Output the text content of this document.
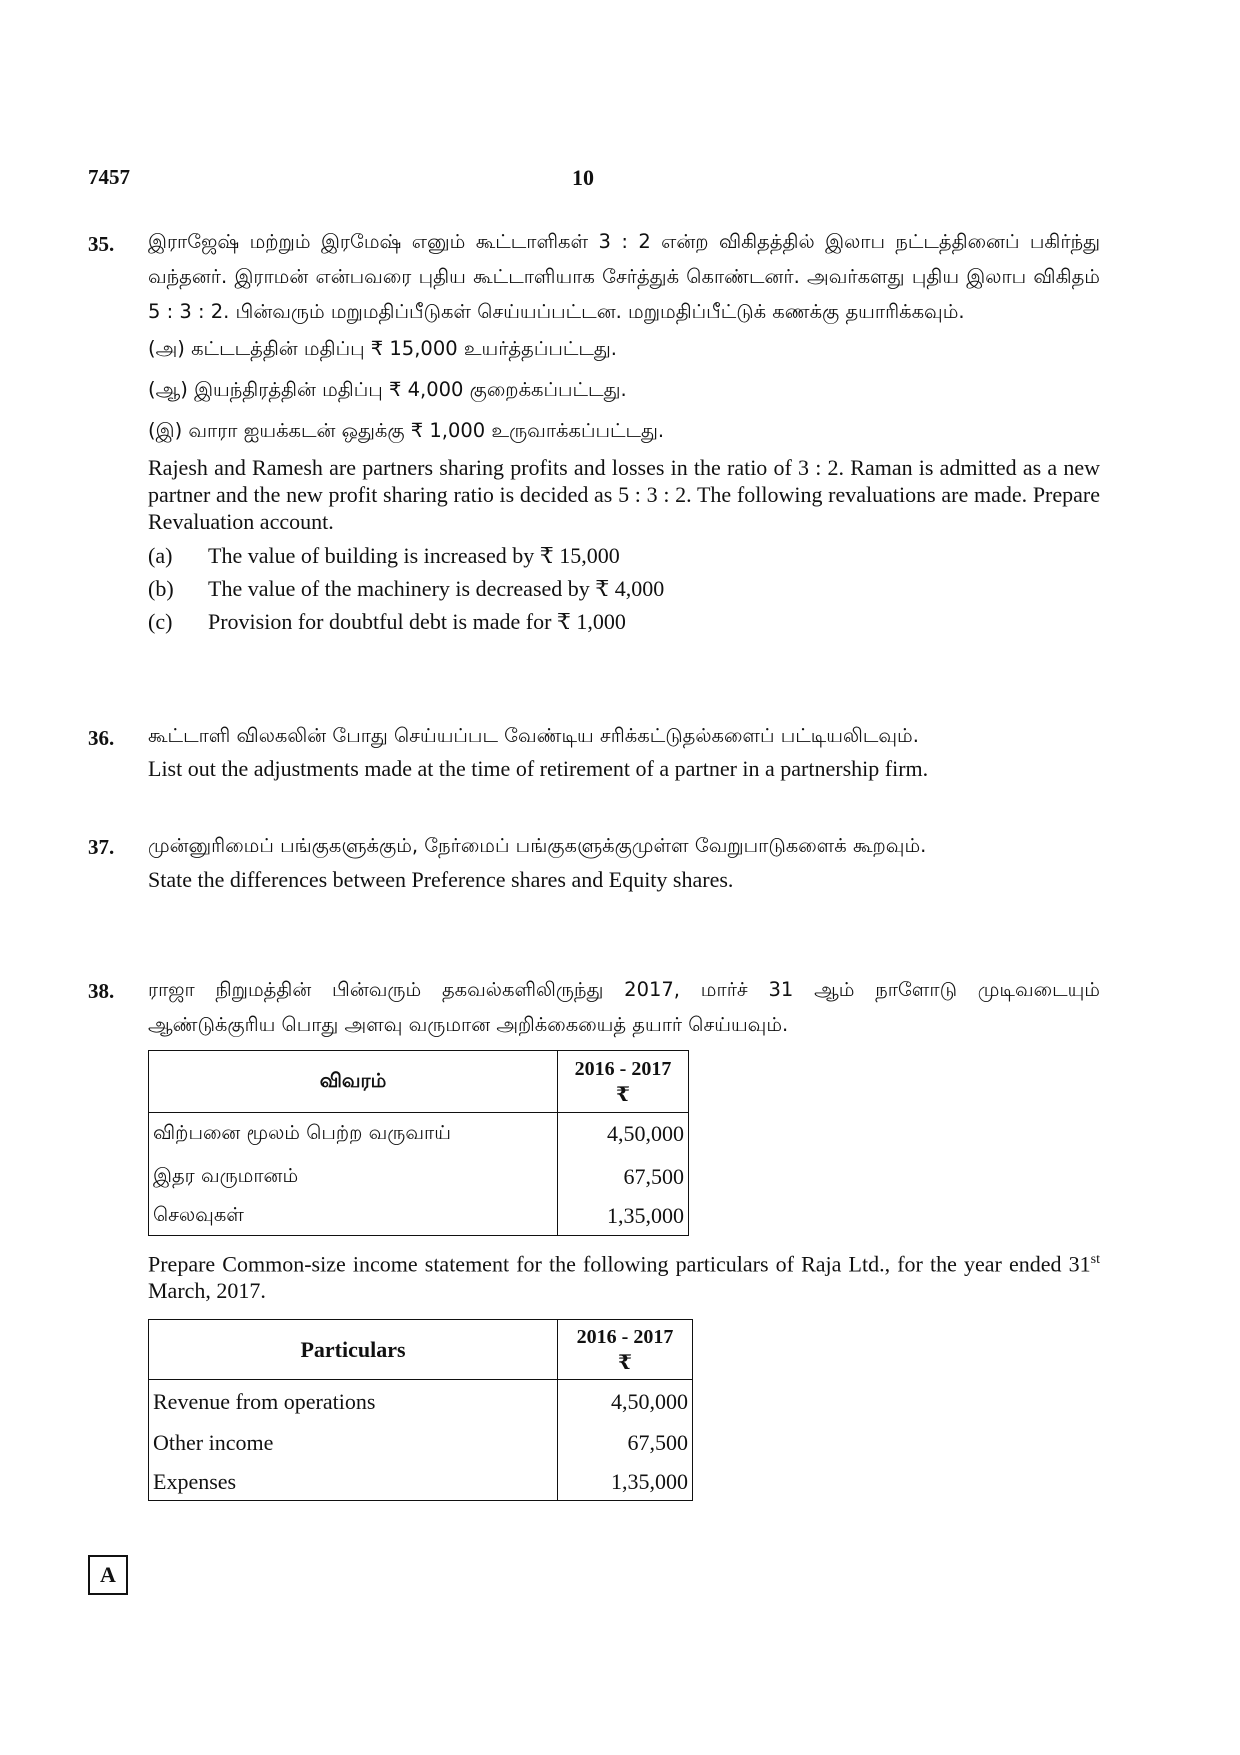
7457	10
35. இராஜேஷ் மற்றும் இரமேஷ் எனும் கூட்டாளிகள் 3 : 2 என்ற விகிதத்தில் இலாப நட்டத்தினைப் பகிர்ந்து வந்தனர். இராமன் என்பவரை புதிய கூட்டாளியாக சேர்த்துக் கொண்டனர். அவர்களது புதிய இலாப விகிதம் 5 : 3 : 2. பின்வரும் மறுமதிப்பீடுகள் செய்யப்பட்டன. மறுமதிப்பீட்டுக் கணக்கு தயாரிக்கவும்.
(அ) கட்டடத்தின் மதிப்பு ₹ 15,000 உயர்த்தப்பட்டது.
(ஆ) இயந்திரத்தின் மதிப்பு ₹ 4,000 குறைக்கப்பட்டது.
(இ) வாரா ஐயக்கடன் ஒதுக்கு ₹ 1,000 உருவாக்கப்பட்டது.
Rajesh and Ramesh are partners sharing profits and losses in the ratio of 3 : 2. Raman is admitted as a new partner and the new profit sharing ratio is decided as 5 : 3 : 2. The following revaluations are made. Prepare Revaluation account.
(a)	The value of building is increased by ₹ 15,000
(b)	The value of the machinery is decreased by ₹ 4,000
(c)	Provision for doubtful debt is made for ₹ 1,000
36. கூட்டாளி விலகலின் போது செய்யப்பட வேண்டிய சரிக்கட்டுதல்களைப் பட்டியலிடவும்.
List out the adjustments made at the time of retirement of a partner in a partnership firm.
37. முன்னுரிமைப் பங்குகளுக்கும், நேர்மைப் பங்குகளுக்குமுள்ள வேறுபாடுகளைக் கூறவும்.
State the differences between Preference shares and Equity shares.
38. ராஜா நிறுமத்தின் பின்வரும் தகவல்களிலிருந்து 2017, மார்ச் 31 ஆம் நாளோடு முடிவடையும் ஆண்டுக்குரிய பொது அளவு வருமான அறிக்கையைத் தயார் செய்யவும்.
விவரம்	2016 - 2017
₹

விற்பனை மூலம் பெற்ற வருவாய்	4,50,000
இதர வருமானம்	67,500
செலவுகள்	1,35,000
Prepare Common-size income statement for the following particulars of Raja Ltd., for the year ended 31st March, 2017.
Particulars	2016 - 2017
₹

Revenue from operations	4,50,000
Other income	67,500
Expenses	1,35,000
A
